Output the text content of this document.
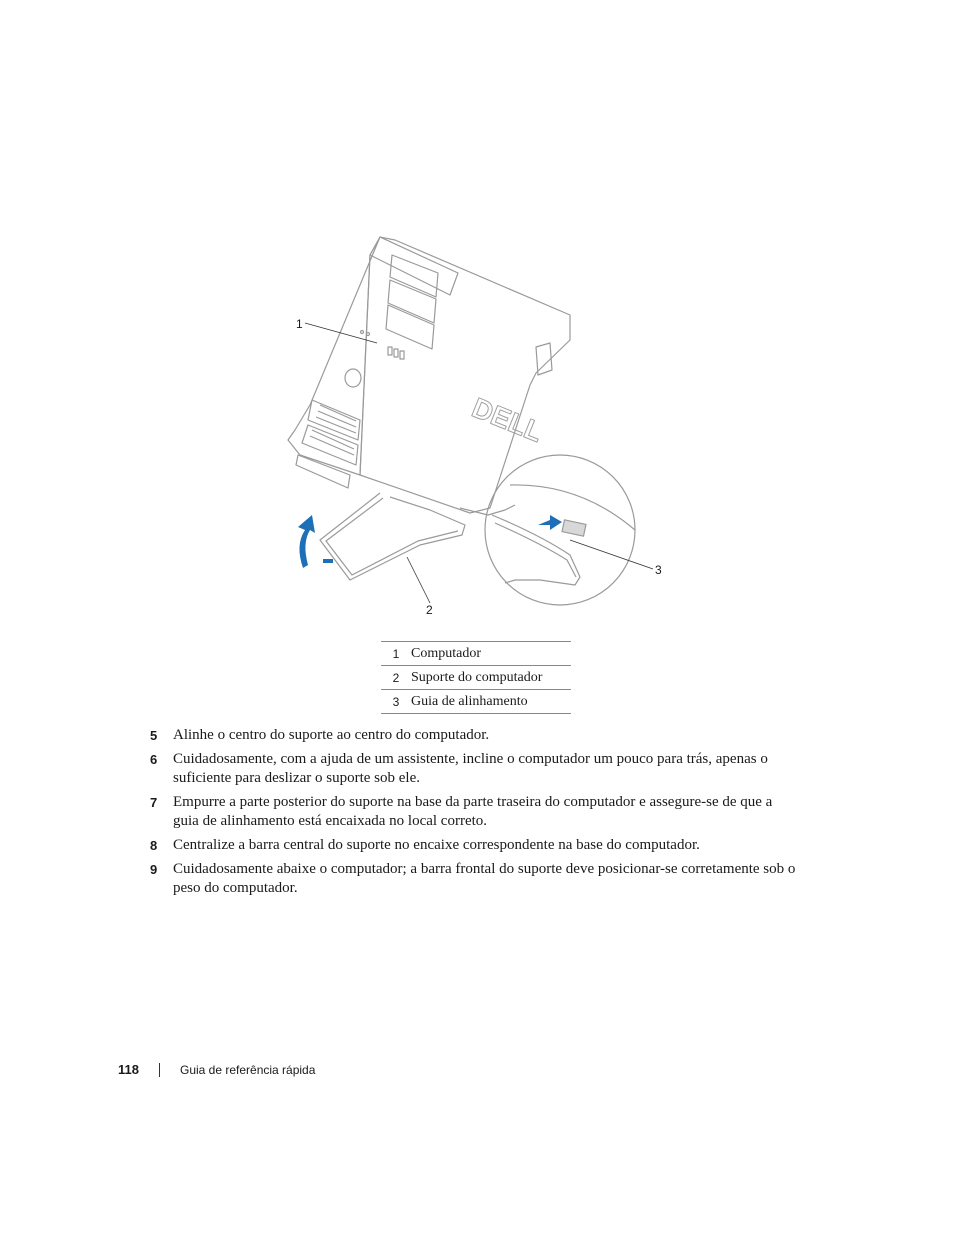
DELL
1
2
3
1	Computador
2	Suporte do computador
3	Guia de alinhamento
5 Alinhe o centro do suporte ao centro do computador.
6 Cuidadosamente, com a ajuda de um assistente, incline o computador um pouco para trás, apenas o suficiente para deslizar o suporte sob ele.
7 Empurre a parte posterior do suporte na base da parte traseira do computador e assegure-se de que a guia de alinhamento está encaixada no local correto.
8 Centralize a barra central do suporte no encaixe correspondente na base do computador.
9 Cuidadosamente abaixe o computador; a barra frontal do suporte deve posicionar-se corretamente sob o peso do computador.
118	Guia de referência rápida
